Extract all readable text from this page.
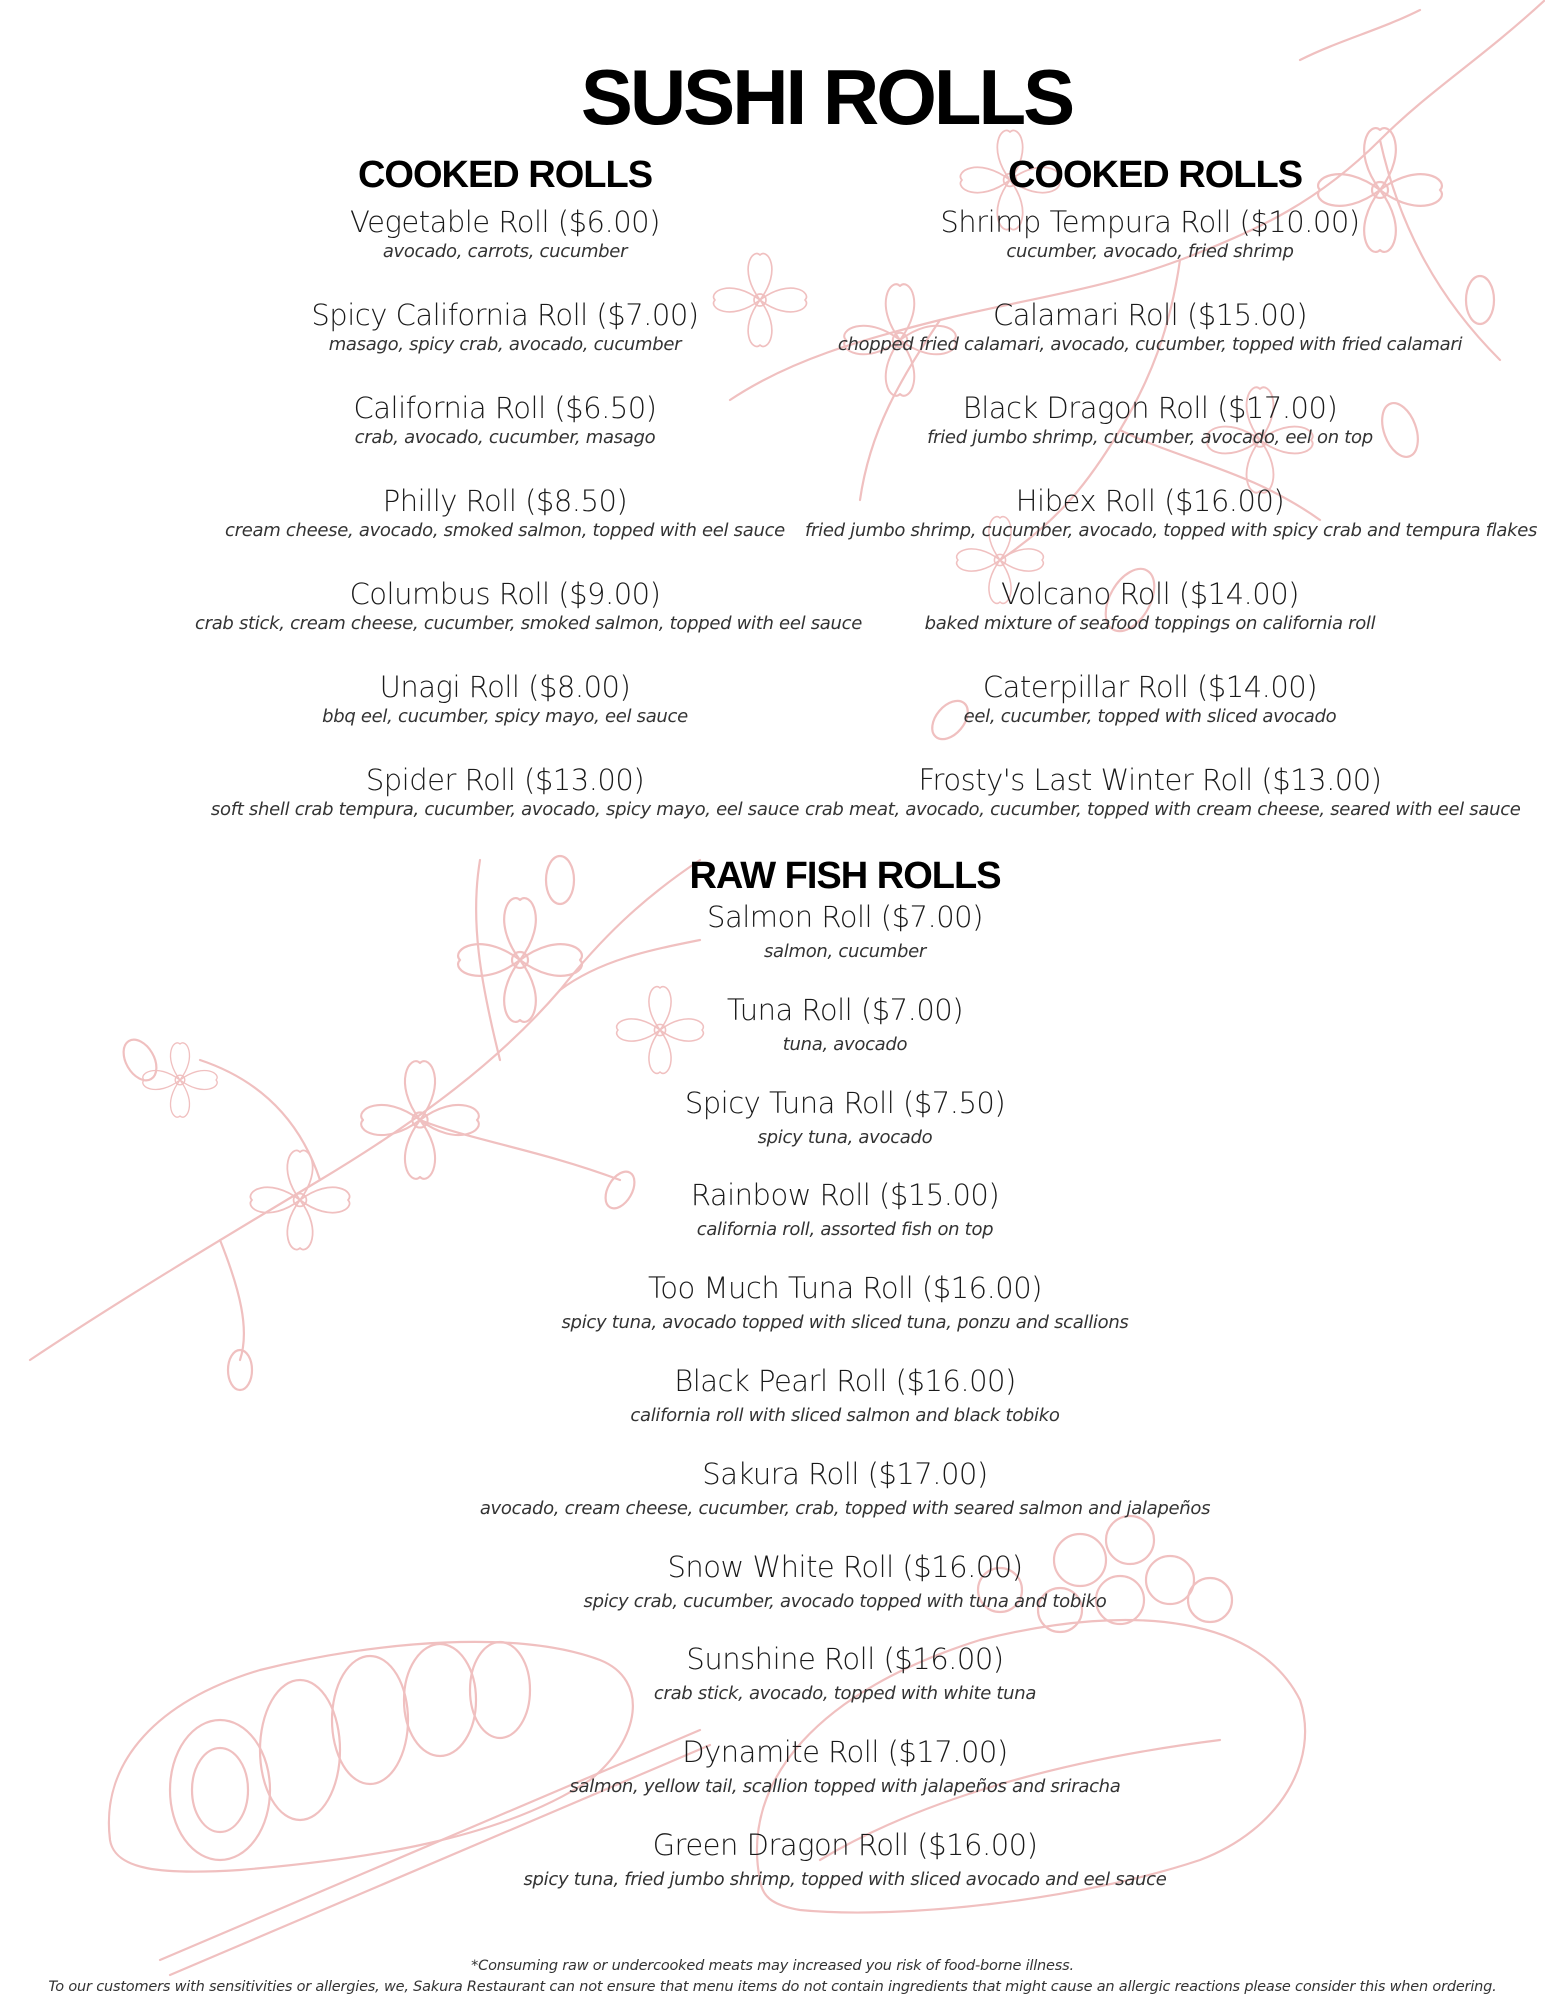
SUSHI ROLLS
COOKED ROLLS	COOKED ROLLS
Vegetable Roll ($6.00)
avocado, carrots, cucumber
Spicy California Roll ($7.00)
masago, spicy crab, avocado, cucumber
California Roll ($6.50)
crab, avocado, cucumber, masago
Philly Roll ($8.50)
cream cheese, avocado, smoked salmon, topped with eel sauce
Columbus Roll ($9.00)
crab stick, cream cheese, cucumber, smoked salmon, topped with eel sauce
Unagi Roll ($8.00)
bbq eel, cucumber, spicy mayo, eel sauce
Spider Roll ($13.00)
soft shell crab tempura, cucumber, avocado, spicy mayo, eel sauce
Shrimp Tempura Roll ($10.00)
cucumber, avocado, fried shrimp
Calamari Roll ($15.00)
chopped fried calamari, avocado, cucumber, topped with fried calamari
Black Dragon Roll ($17.00)
fried jumbo shrimp, cucumber, avocado, eel on top
Hibex Roll ($16.00)
fried jumbo shrimp, cucumber, avocado, topped with spicy crab and tempura flakes
Volcano Roll ($14.00)
baked mixture of seafood toppings on california roll
Caterpillar Roll ($14.00)
eel, cucumber, topped with sliced avocado
Frosty's Last Winter Roll ($13.00)
crab meat, avocado, cucumber, topped with cream cheese, seared with eel sauce
RAW FISH ROLLS
Salmon Roll ($7.00)
salmon, cucumber
Tuna Roll ($7.00)
tuna, avocado
Spicy Tuna Roll ($7.50)
spicy tuna, avocado
Rainbow Roll ($15.00)
california roll, assorted fish on top
Too Much Tuna Roll ($16.00)
spicy tuna, avocado topped with sliced tuna, ponzu and scallions
Black Pearl Roll ($16.00)
california roll with sliced salmon and black tobiko
Sakura Roll ($17.00)
avocado, cream cheese, cucumber, crab, topped with seared salmon and jalapeños
Snow White Roll ($16.00)
spicy crab, cucumber, avocado topped with tuna and tobiko
Sunshine Roll ($16.00)
crab stick, avocado, topped with white tuna
Dynamite Roll ($17.00)
salmon, yellow tail, scallion topped with jalapeños and sriracha
Green Dragon Roll ($16.00)
spicy tuna, fried jumbo shrimp, topped with sliced avocado and eel sauce
*Consuming raw or undercooked meats may increased you risk of food-borne illness.
To our customers with sensitivities or allergies, we, Sakura Restaurant can not ensure that menu items do not contain ingredients that might cause an allergic reactions please consider this when ordering.
